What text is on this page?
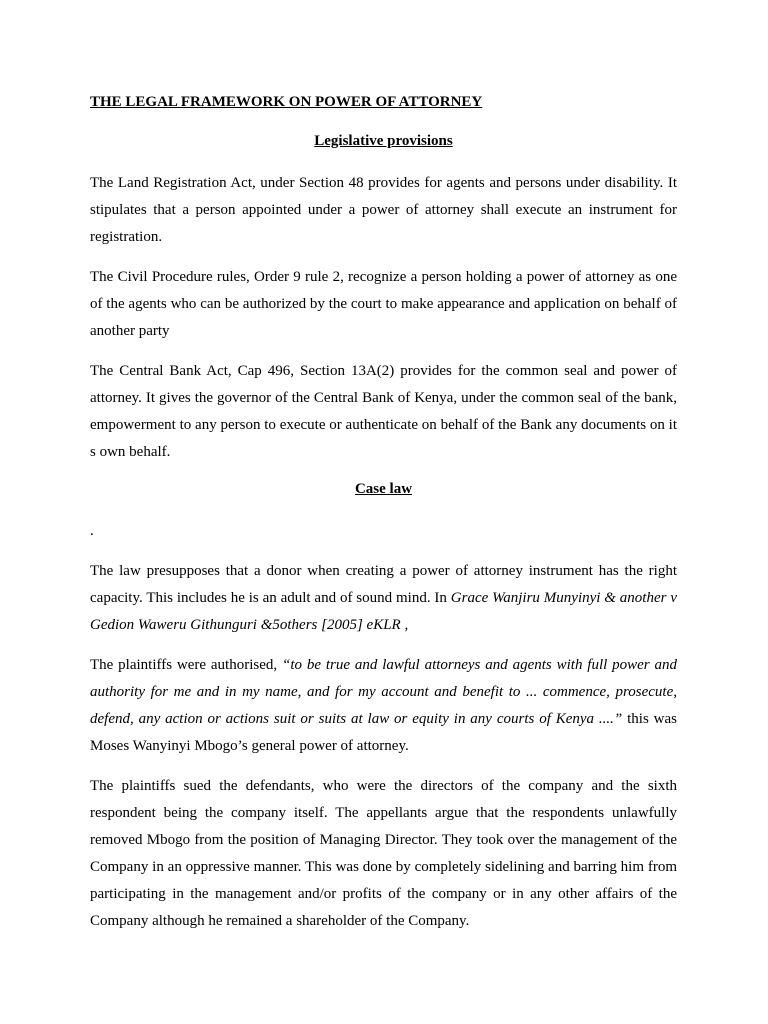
THE LEGAL FRAMEWORK ON POWER OF ATTORNEY
Legislative provisions

The Land Registration Act, under Section 48 provides for agents and persons under disability. It stipulates that a person appointed under a power of attorney shall execute an instrument for registration.

The Civil Procedure rules, Order 9 rule 2, recognize a person holding a power of attorney as one of the agents who can be authorized by the court to make appearance and application on behalf of another party

The Central Bank Act, Cap 496, Section 13A(2) provides for the common seal and power of attorney. It gives the governor of the Central Bank of Kenya, under the common seal of the bank, empowerment to any person to execute or authenticate on behalf of the Bank any documents on it s own behalf.

Case law
.

The law presupposes that a donor when creating a power of attorney instrument has the right capacity. This includes he is an adult and of sound mind. In Grace Wanjiru Munyinyi & another v Gedion Waweru Githunguri &5others [2005] eKLR ,

The plaintiffs were authorised, “to be true and lawful attorneys and agents with full power and authority for me and in my name, and for my account and benefit to ... commence, prosecute, defend, any action or actions suit or suits at law or equity in any courts of Kenya ....” this was Moses Wanyinyi Mbogo’s general power of attorney.

The plaintiffs sued the defendants, who were the directors of the company and the sixth respondent being the company itself. The appellants argue that the respondents unlawfully removed Mbogo from the position of Managing Director. They took over the management of the Company in an oppressive manner. This was done by completely sidelining and barring him from participating in the management and/or profits of the company or in any other affairs of the Company although he remained a shareholder of the Company.
